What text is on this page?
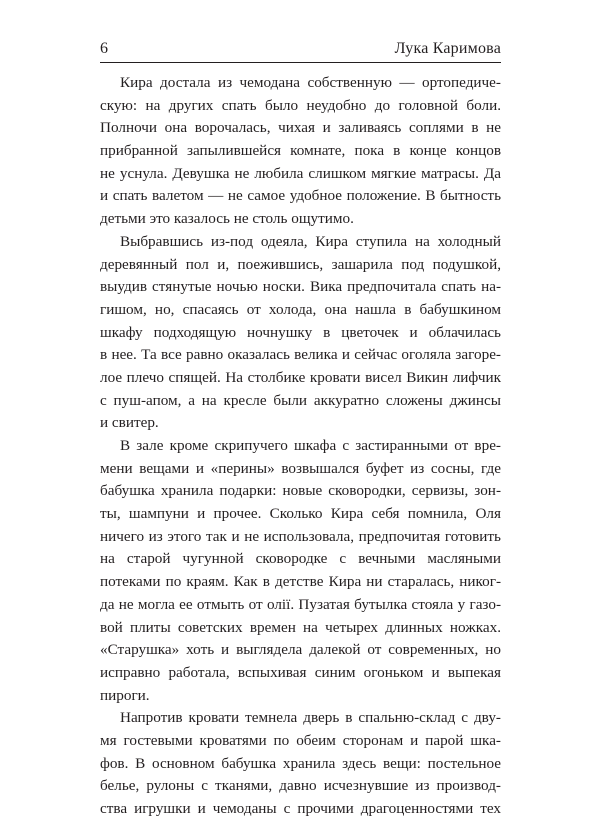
6	Лука Каримова

Кира достала из чемодана собственную — ортопедиче-
скую: на других спать было неудобно до головной боли.
Полночи она ворочалась, чихая и заливаясь соплями в не
прибранной запылившейся комнате, пока в конце концов
не уснула. Девушка не любила слишком мягкие матрасы. Да
и спать валетом — не самое удобное положение. В бытность
детьми это казалось не столь ощутимо.

Выбравшись из-под одеяла, Кира ступила на холодный
деревянный пол и, поежившись, зашарила под подушкой,
выудив стянутые ночью носки. Вика предпочитала спать на-
гишом, но, спасаясь от холода, она нашла в бабушкином
шкафу подходящую ночнушку в цветочек и облачилась
в нее. Та все равно оказалась велика и сейчас оголяла загоре-
лое плечо спящей. На столбике кровати висел Викин лифчик
с пуш-апом, а на кресле были аккуратно сложены джинсы
и свитер.

В зале кроме скрипучего шкафа с застиранными от вре-
мени вещами и «перины» возвышался буфет из сосны, где
бабушка хранила подарки: новые сковородки, сервизы, зон-
ты, шампуни и прочее. Сколько Кира себя помнила, Оля
ничего из этого так и не использовала, предпочитая готовить
на старой чугунной сковородке с вечными масляными
потеками по краям. Как в детстве Кира ни старалась, никог-
да не могла ее отмыть от олії. Пузатая бутылка стояла у газо-
вой плиты советских времен на четырех длинных ножках.
«Старушка» хоть и выглядела далекой от современных, но
исправно работала, вспыхивая синим огоньком и выпекая
пироги.

Напротив кровати темнела дверь в спальню-склад с дву-
мя гостевыми кроватями по обеим сторонам и парой шка-
фов. В основном бабушка хранила здесь вещи: постельное
белье, рулоны с тканями, давно исчезнувшие из производ-
ства игрушки и чемоданы с прочими драгоценностями тех
